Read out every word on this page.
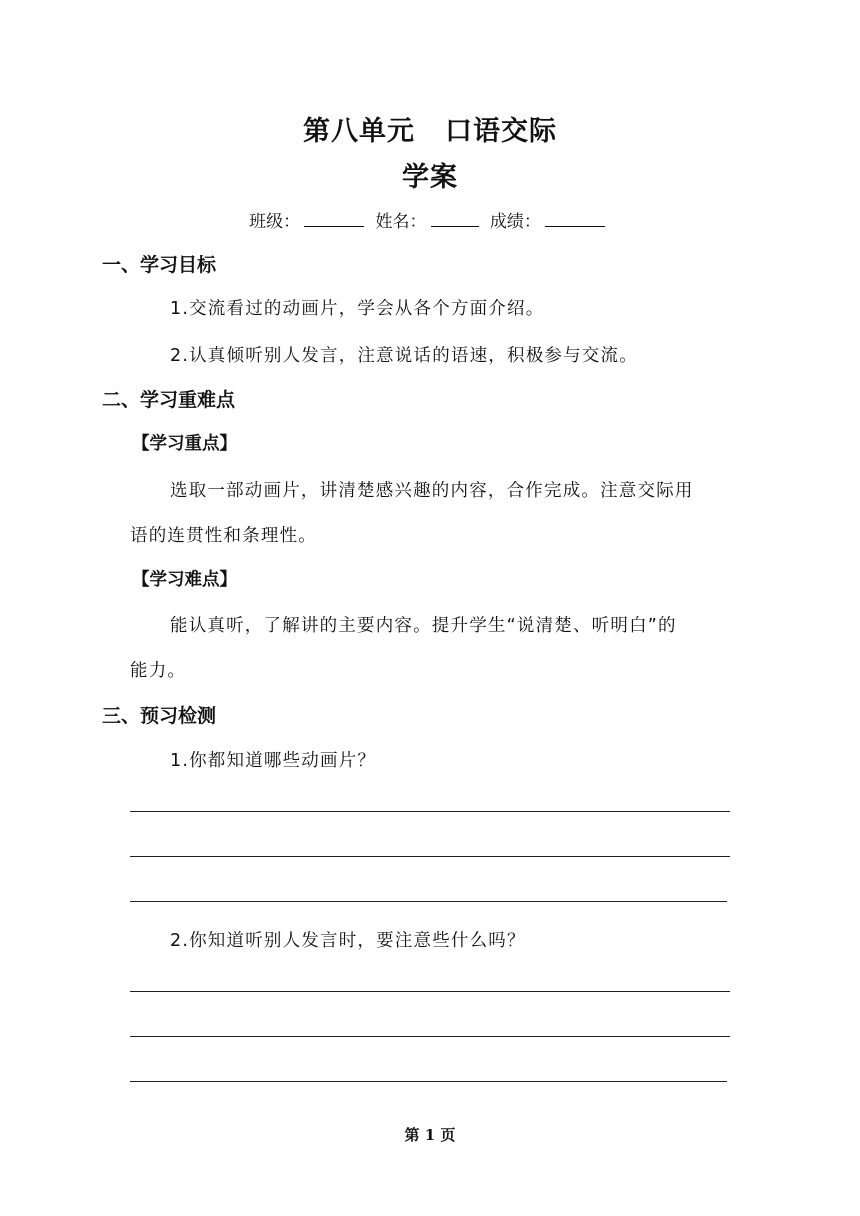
第八单元 口语交际
学案
班级：	姓名：	成绩：
一、学习目标
1.交流看过的动画片，学会从各个方面介绍。
2.认真倾听别人发言，注意说话的语速，积极参与交流。
二、学习重难点
【学习重点】
选取一部动画片，讲清楚感兴趣的内容，合作完成。注意交际用
语的连贯性和条理性。
【学习难点】
能认真听，了解讲的主要内容。提升学生“说清楚、听明白”的
能力。
三、预习检测
1.你都知道哪些动画片？
2.你知道听别人发言时，要注意些什么吗？
第 1 页
